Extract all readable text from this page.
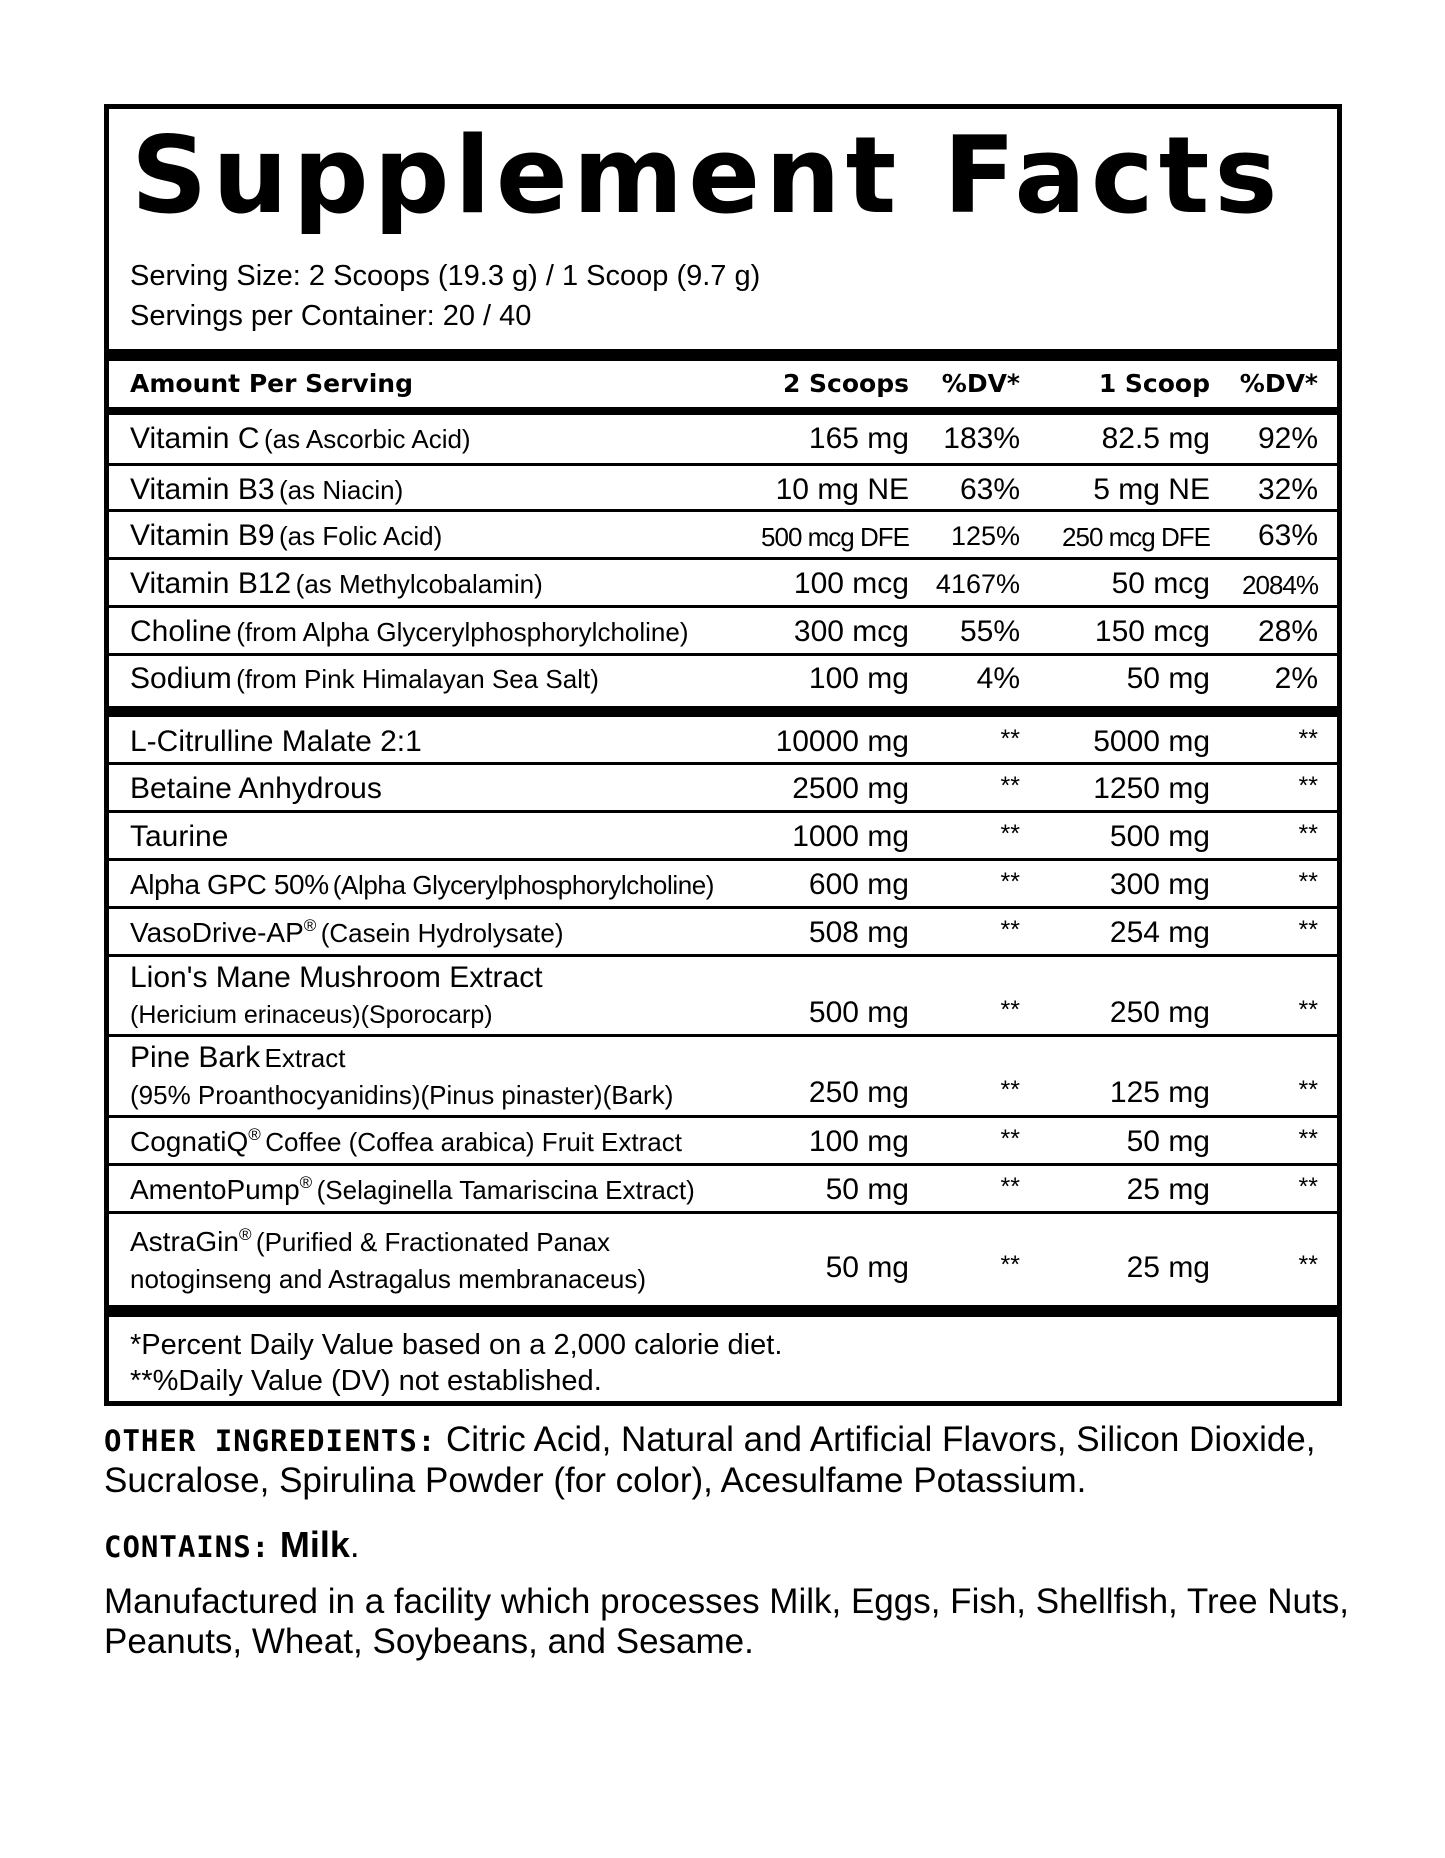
Supplement Facts
Serving Size: 2 Scoops (19.3 g) / 1 Scoop (9.7 g)
Servings per Container: 20 / 40
Amount Per Serving	2 Scoops %DV*	1 Scoop %DV*
Vitamin C (as Ascorbic Acid)	165 mg 183%	82.5 mg 92%
Vitamin B3 (as Niacin)	10 mg NE 63% 5 mg NE 32%
Vitamin B9 (as Folic Acid)	500 mcg DFE 125% 250 mcg DFE 63%
Vitamin B12 (as Methylcobalamin)	100 mcg 4167%	50 mcg 2084%
Choline (from Alpha Glycerylphosphorylcholine)	300 mcg 55% 150 mcg 28%
Sodium (from Pink Himalayan Sea Salt)	100 mg 4%	50 mg 2%
L-Citrulline Malate 2:1	10000 mg	** 5000 mg	**
Betaine Anhydrous	2500 mg	** 1250 mg	**
Taurine	1000 mg	**	500 mg	**
Alpha GPC 50% (Alpha Glycerylphosphorylcholine)	600 mg	**	300 mg	**
VasoDrive-AP® (Casein Hydrolysate)	508 mg	**	254 mg	**
Lion's Mane Mushroom Extract
(Hericium erinaceus)(Sporocarp)	500 mg	**	250 mg	**
Pine Bark Extract
(95% Proanthocyanidins)(Pinus pinaster)(Bark)	250 mg	**	125 mg	**
CognatiQ® Coffee (Coffea arabica) Fruit Extract	100 mg	**	50 mg	**
AmentoPump® (Selaginella Tamariscina Extract)	50 mg	**	25 mg	**
AstraGin® (Purified & Fractionated Panax
notoginseng and Astragalus membranaceus)	50 mg	**	25 mg	**
*Percent Daily Value based on a 2,000 calorie diet.
**%Daily Value (DV) not established.
OTHER INGREDIENTS: Citric Acid, Natural and Artificial Flavors, Silicon Dioxide, Sucralose, Spirulina Powder (for color), Acesulfame Potassium.
CONTAINS: Milk.
Manufactured in a facility which processes Milk, Eggs, Fish, Shellfish, Tree Nuts, Peanuts, Wheat, Soybeans, and Sesame.
